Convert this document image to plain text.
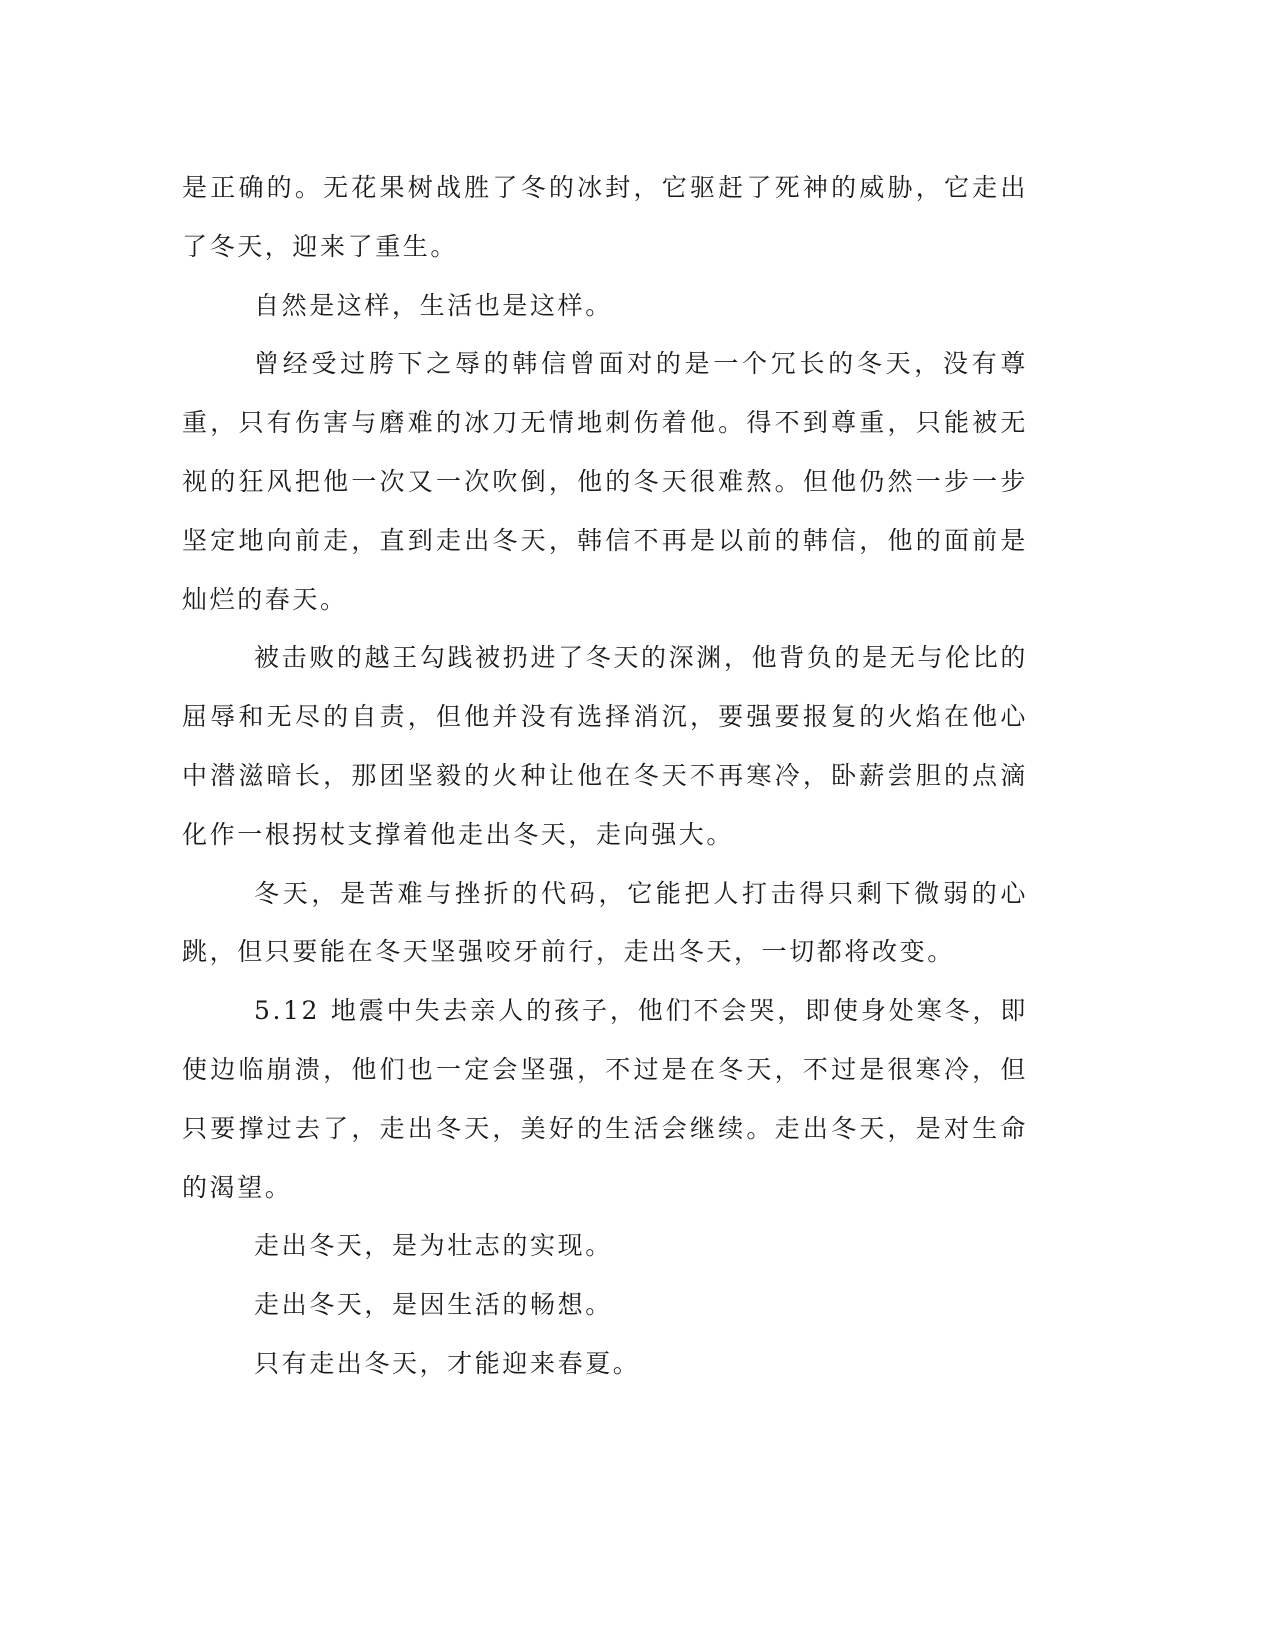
是正确的。无花果树战胜了冬的冰封，它驱赶了死神的威胁，它走出了冬天，迎来了重生。

自然是这样，生活也是这样。

曾经受过胯下之辱的韩信曾面对的是一个冗长的冬天，没有尊重，只有伤害与磨难的冰刀无情地刺伤着他。得不到尊重，只能被无视的狂风把他一次又一次吹倒，他的冬天很难熬。但他仍然一步一步坚定地向前走，直到走出冬天，韩信不再是以前的韩信，他的面前是灿烂的春天。

被击败的越王勾践被扔进了冬天的深渊，他背负的是无与伦比的屈辱和无尽的自责，但他并没有选择消沉，要强要报复的火焰在他心中潜滋暗长，那团坚毅的火种让他在冬天不再寒冷，卧薪尝胆的点滴化作一根拐杖支撑着他走出冬天，走向强大。

冬天，是苦难与挫折的代码，它能把人打击得只剩下微弱的心跳，但只要能在冬天坚强咬牙前行，走出冬天，一切都将改变。

5.12 地震中失去亲人的孩子，他们不会哭，即使身处寒冬，即使边临崩溃，他们也一定会坚强，不过是在冬天，不过是很寒冷，但只要撑过去了，走出冬天，美好的生活会继续。走出冬天，是对生命的渴望。

走出冬天，是为壮志的实现。

走出冬天，是因生活的畅想。

只有走出冬天，才能迎来春夏。
